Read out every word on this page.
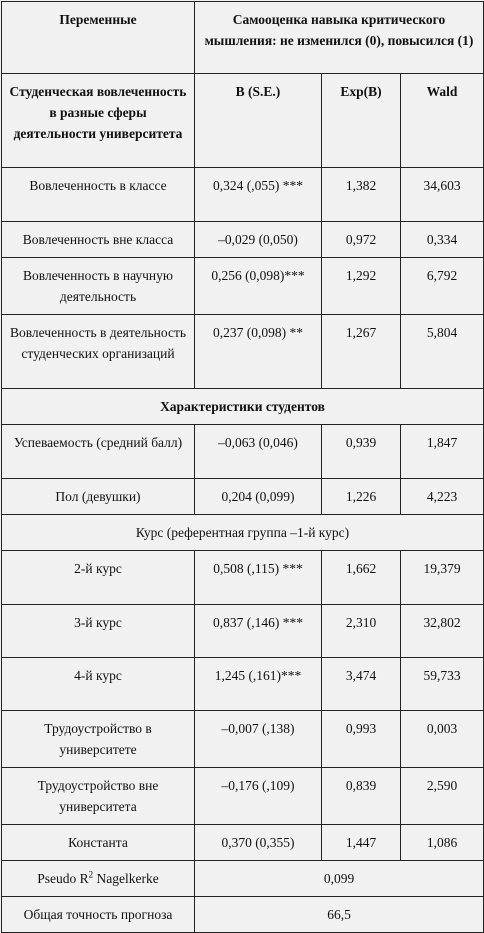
Переменные	Самооценка навыка критического мышления: не изменился (0), повысился (1)		
Студенческая вовлеченность в разные сферы деятельности университета	B (S.E.)	Exp(B)	Wald
Вовлеченность в классе	0,324 (,055) ***	1,382	34,603
Вовлеченность вне класса	–0,029 (0,050)	0,972	0,334
Вовлеченность в научную деятельность	0,256 (0,098)***	1,292	6,792
Вовлеченность в деятельность студенческих организаций	0,237 (0,098) **	1,267	5,804
Характеристики студентов			
Успеваемость (средний балл)	–0,063 (0,046)	0,939	1,847
Пол (девушки)	0,204 (0,099)	1,226	4,223
Курс (референтная группа –1-й курс)			
2-й курс	0,508 (,115) ***	1,662	19,379
3-й курс	0,837 (,146) ***	2,310	32,802
4-й курс	1,245 (,161)***	3,474	59,733
Трудоустройство в университете	–0,007 (,138)	0,993	0,003
Трудоустройство вне университета	–0,176 (,109)	0,839	2,590
Константа	0,370 (0,355)	1,447	1,086
Pseudo $R^2$ Nagelkerke	0,099		
Общая точность прогноза	66,5		
